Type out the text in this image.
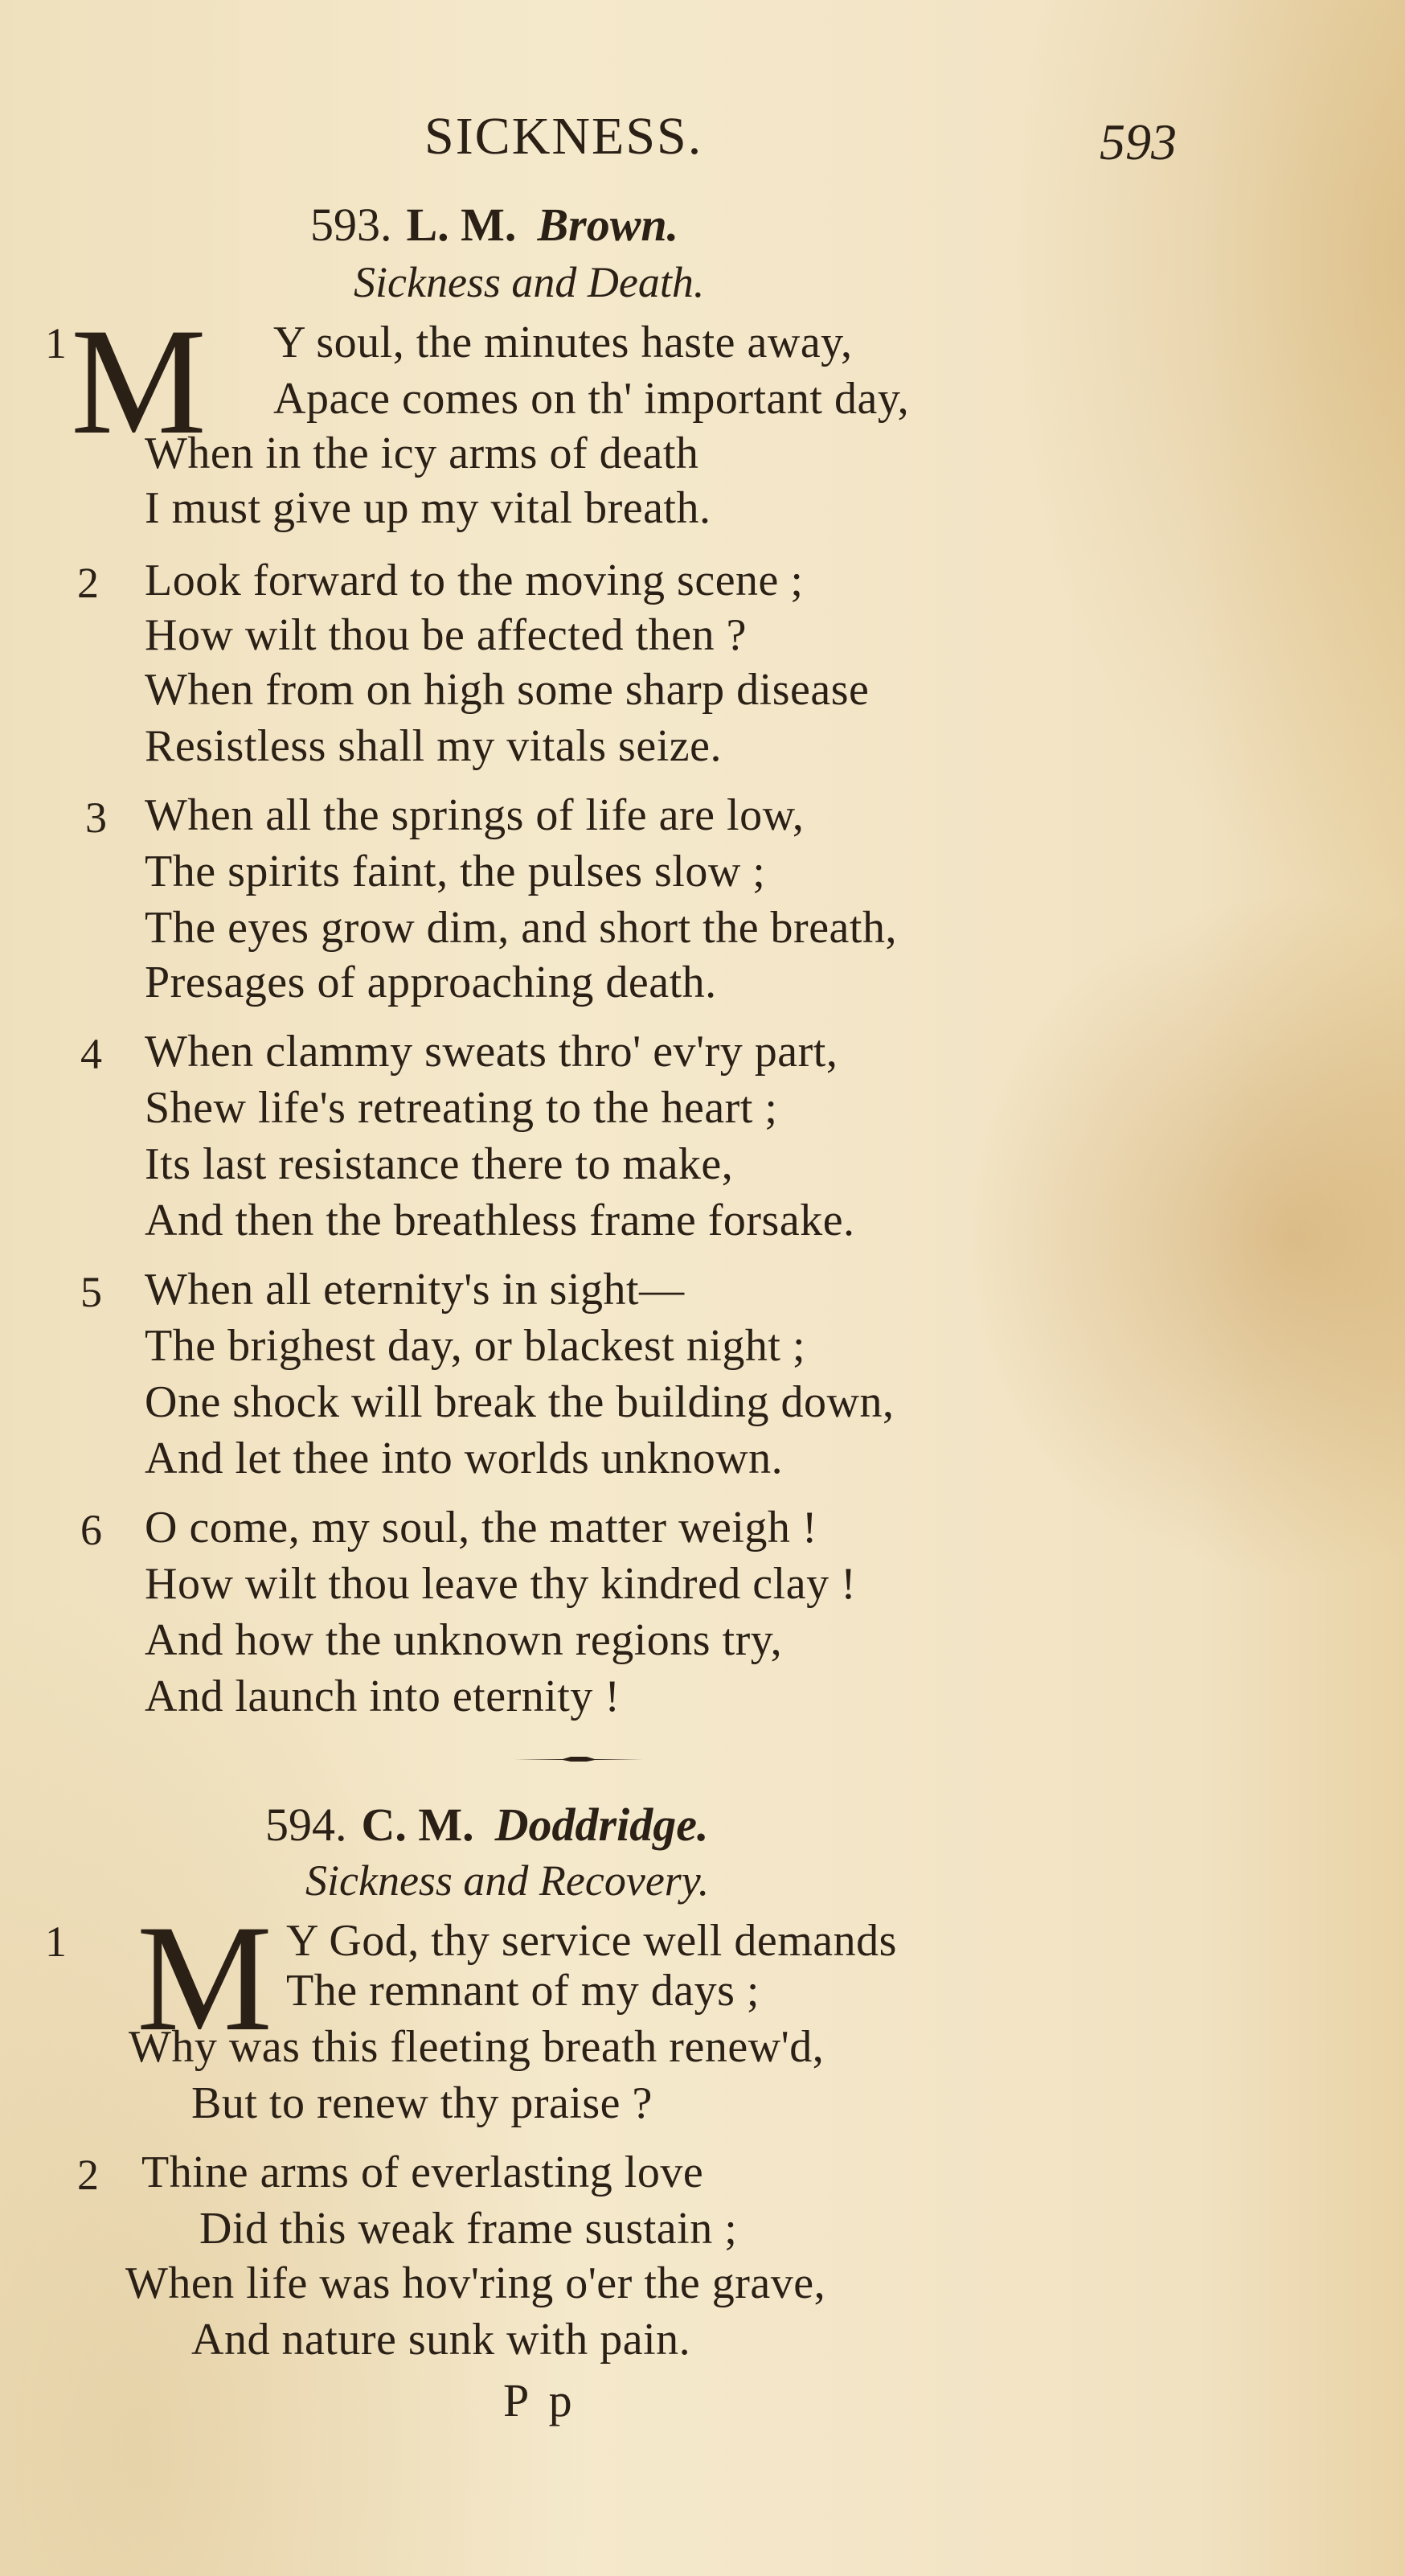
SICKNESS.	593
593. L. M. Brown.
Sickness and Death.
1 M Y soul, the minutes haste away,
Apace comes on th' important day,
When in the icy arms of death
I must give up my vital breath.
2 Look forward to the moving scene ;
How wilt thou be affected then ?
When from on high some sharp disease
Resistless shall my vitals seize.
3 When all the springs of life are low,
The spirits faint, the pulses slow ;
The eyes grow dim, and short the breath,
Presages of approaching death.
4 When clammy sweats thro' ev'ry part,
Shew life's retreating to the heart ;
Its last resistance there to make,
And then the breathless frame forsake.
5 When all eternity's in sight—
The brighest day, or blackest night ;
One shock will break the building down,
And let thee into worlds unknown.
6 O come, my soul, the matter weigh !
How wilt thou leave thy kindred clay !
And how the unknown regions try,
And launch into eternity !
594. C. M. Doddridge.
Sickness and Recovery.
1 M Y God, thy service well demands
The remnant of my days ;
Why was this fleeting breath renew'd,
But to renew thy praise ?
2 Thine arms of everlasting love
Did this weak frame sustain ;
When life was hov'ring o'er the grave,
And nature sunk with pain.
P p
